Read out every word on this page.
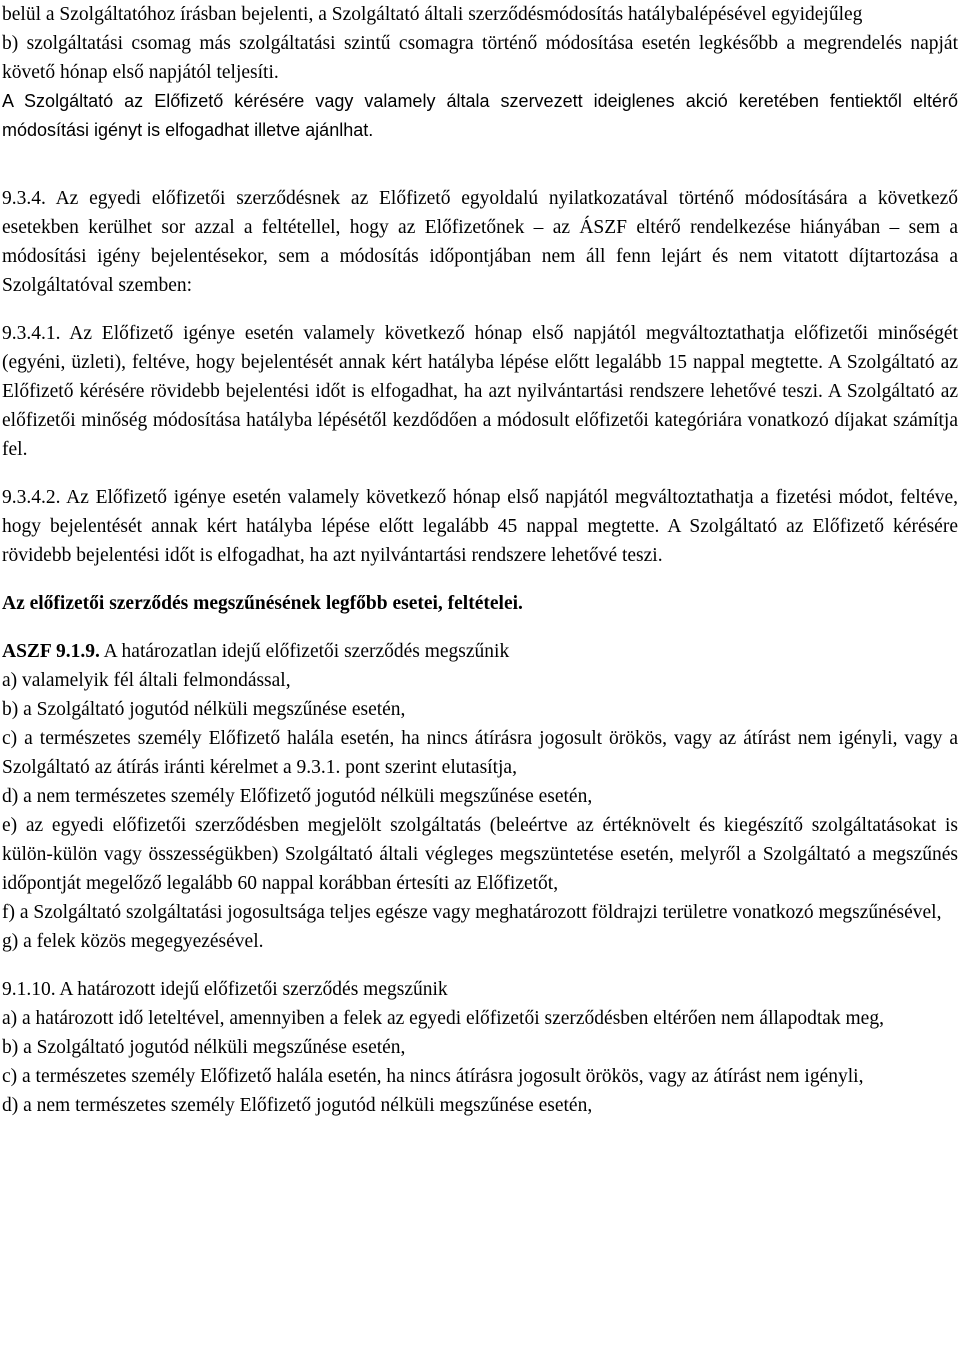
belül a Szolgáltatóhoz írásban bejelenti, a Szolgáltató általi szerződésmódosítás hatálybalépésével egyidejűleg

b) szolgáltatási csomag más szolgáltatási szintű csomagra történő módosítása esetén legkésőbb a megrendelés napját követő hónap első napjától teljesíti.

A Szolgáltató az Előfizető kérésére vagy valamely általa szervezett ideiglenes akció keretében fentiektől eltérő módosítási igényt is elfogadhat illetve ajánlhat.

9.3.4. Az egyedi előfizetői szerződésnek az Előfizető egyoldalú nyilatkozatával történő módosítására a következő esetekben kerülhet sor azzal a feltétellel, hogy az Előfizetőnek – az ÁSZF eltérő rendelkezése hiányában – sem a módosítási igény bejelentésekor, sem a módosítás időpontjában nem áll fenn lejárt és nem vitatott díjtartozása a Szolgáltatóval szemben:

9.3.4.1. Az Előfizető igénye esetén valamely következő hónap első napjától megváltoztathatja előfizetői minőségét (egyéni, üzleti), feltéve, hogy bejelentését annak kért hatályba lépése előtt legalább 15 nappal megtette. A Szolgáltató az Előfizető kérésére rövidebb bejelentési időt is elfogadhat, ha azt nyilvántartási rendszere lehetővé teszi. A Szolgáltató az előfizetői minőség módosítása hatályba lépésétől kezdődően a módosult előfizetői kategóriára vonatkozó díjakat számítja fel.

9.3.4.2. Az Előfizető igénye esetén valamely következő hónap első napjától megváltoztathatja a fizetési módot, feltéve, hogy bejelentését annak kért hatályba lépése előtt legalább 45 nappal megtette. A Szolgáltató az Előfizető kérésére rövidebb bejelentési időt is elfogadhat, ha azt nyilvántartási rendszere lehetővé teszi.

Az előfizetői szerződés megszűnésének legfőbb esetei, feltételei.

ASZF 9.1.9. A határozatlan idejű előfizetői szerződés megszűnik

a) valamelyik fél általi felmondással,

b) a Szolgáltató jogutód nélküli megszűnése esetén,

c) a természetes személy Előfizető halála esetén, ha nincs átírásra jogosult örökös, vagy az átírást nem igényli, vagy a Szolgáltató az átírás iránti kérelmet a 9.3.1. pont szerint elutasítja,

d) a nem természetes személy Előfizető jogutód nélküli megszűnése esetén,

e) az egyedi előfizetői szerződésben megjelölt szolgáltatás (beleértve az értéknövelt és kiegészítő szolgáltatásokat is külön-külön vagy összességükben) Szolgáltató általi végleges megszüntetése esetén, melyről a Szolgáltató a megszűnés időpontját megelőző legalább 60 nappal korábban értesíti az Előfizetőt,

f) a Szolgáltató szolgáltatási jogosultsága teljes egésze vagy meghatározott földrajzi területre vonatkozó megszűnésével,

g) a felek közös megegyezésével.

9.1.10. A határozott idejű előfizetői szerződés megszűnik

a) a határozott idő leteltével, amennyiben a felek az egyedi előfizetői szerződésben eltérően nem állapodtak meg,

b) a Szolgáltató jogutód nélküli megszűnése esetén,

c) a természetes személy Előfizető halála esetén, ha nincs átírásra jogosult örökös, vagy az átírást nem igényli,

d) a nem természetes személy Előfizető jogutód nélküli megszűnése esetén,
